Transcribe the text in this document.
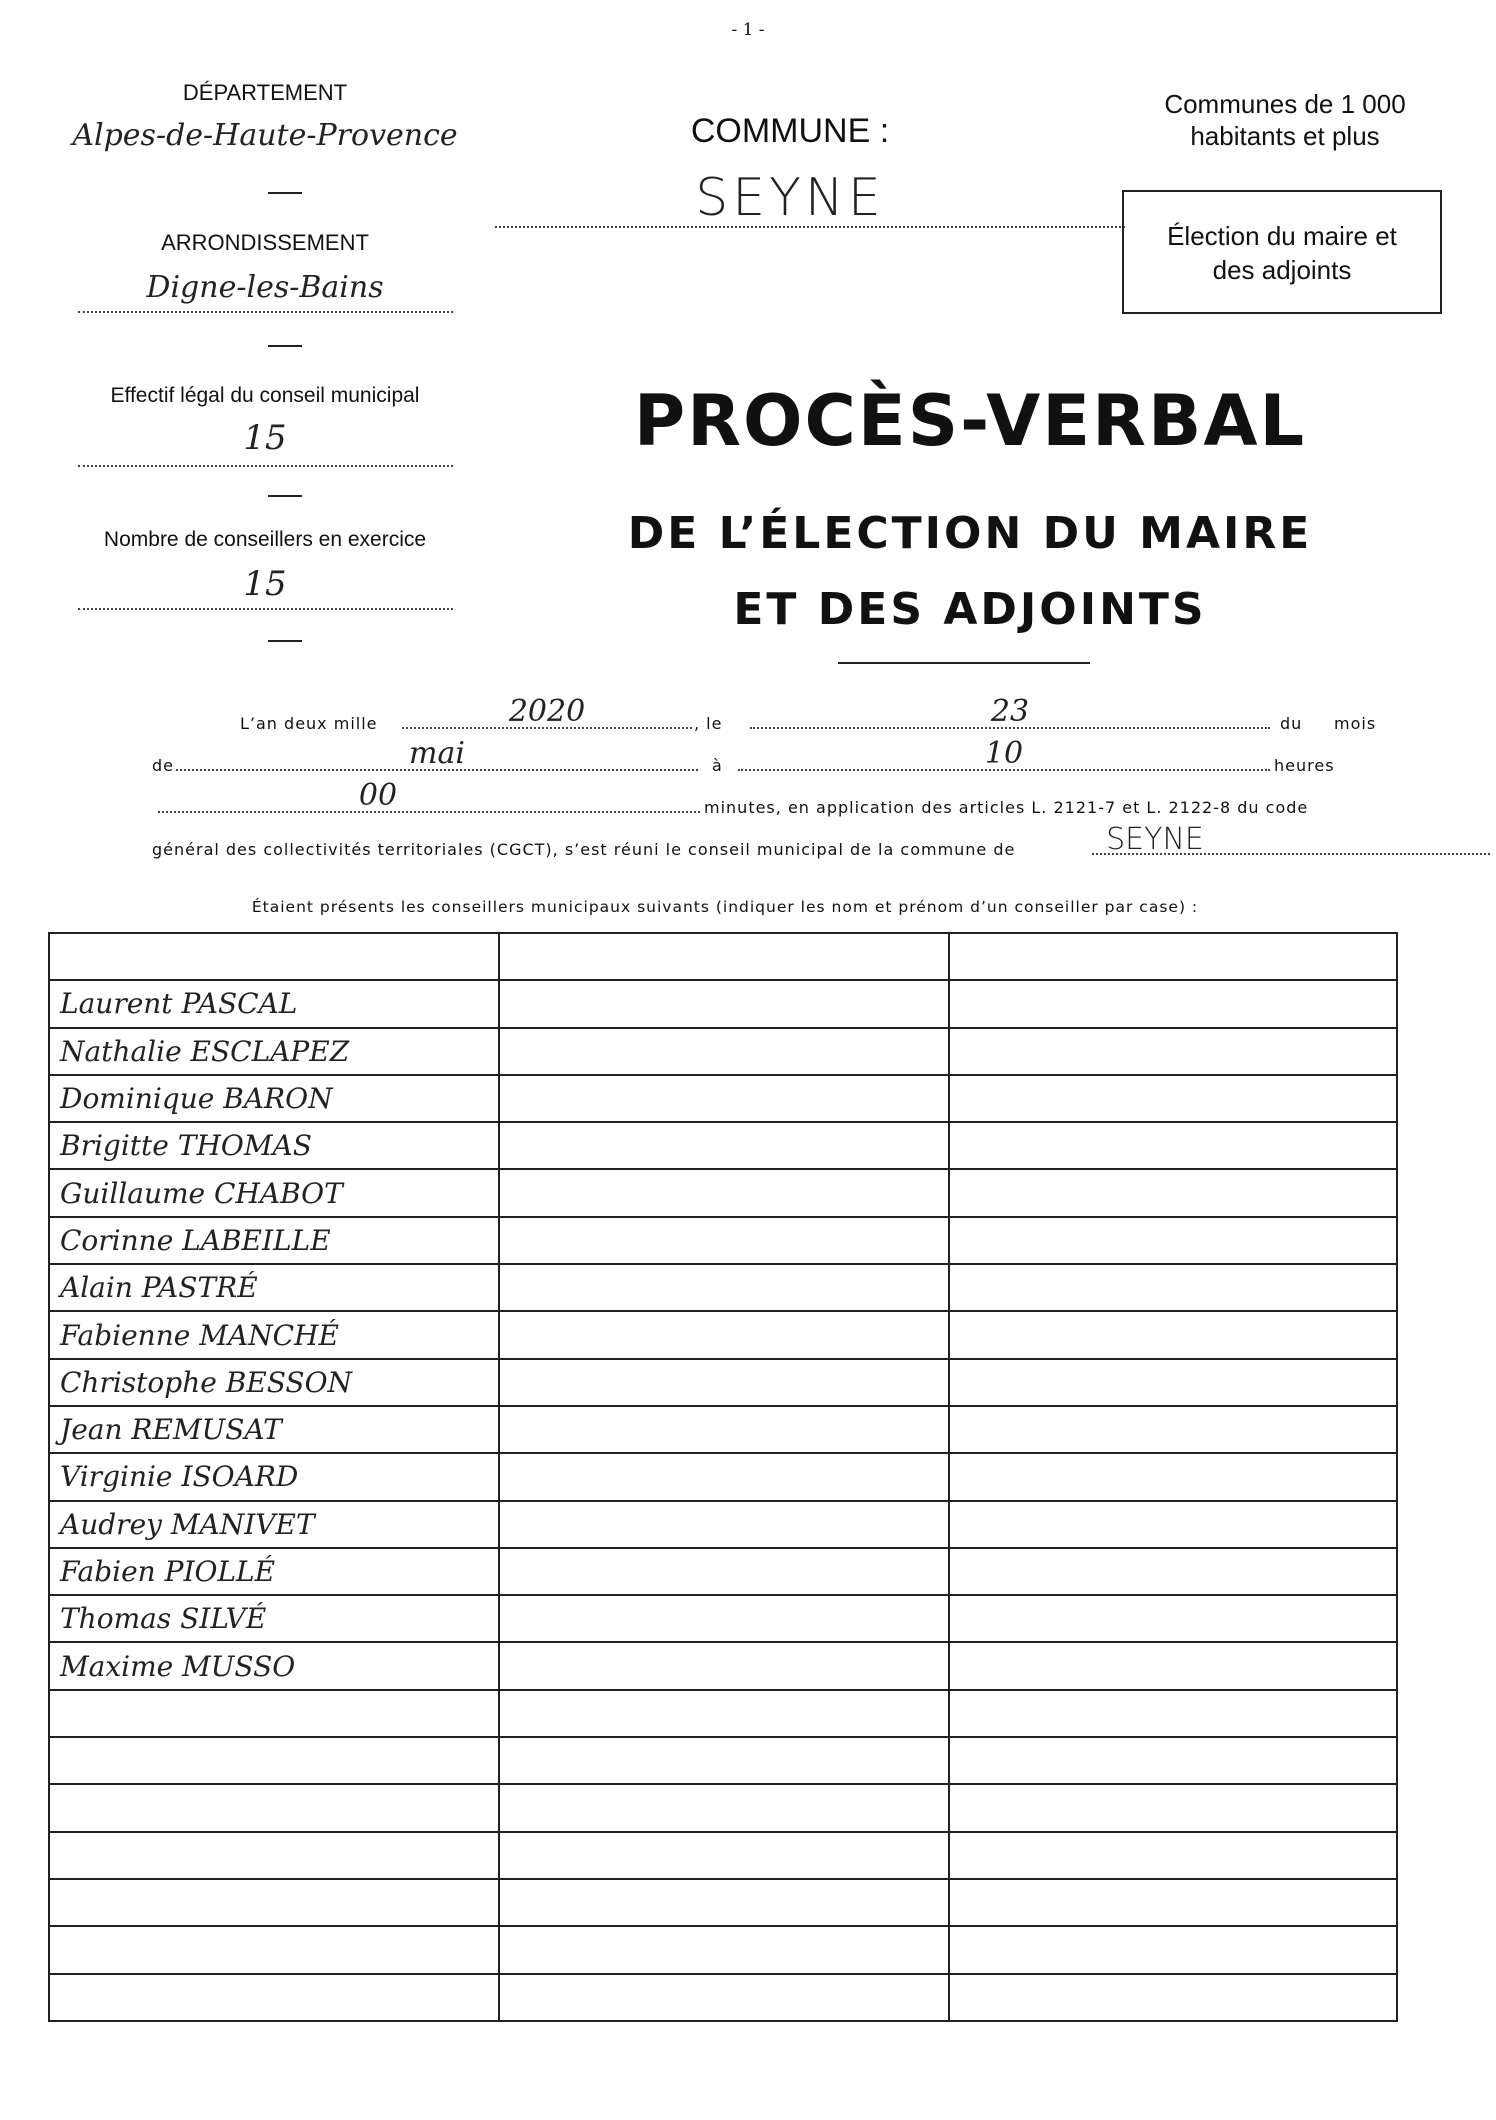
- 1 -
DÉPARTEMENT
Alpes-de-Haute-Provence
ARRONDISSEMENT
Digne-les-Bains
Effectif légal du conseil municipal
15
Nombre de conseillers en exercice
15
COMMUNE :
SEYNE
Communes de 1 000
habitants et plus
Élection du maire et
des adjoints
PROCÈS-VERBAL
DE L’ÉLECTION DU MAIRE
ET DES ADJOINTS
L’an deux mille	2020	, le	23	du mois
de	mai	à	10	heures
00	minutes, en application des articles L. 2121-7 et L. 2122-8 du code
général des collectivités territoriales (CGCT), s’est réuni le conseil municipal de la commune de	SEYNE
Étaient présents les conseillers municipaux suivants (indiquer les nom et prénom d’un conseiller par case) :

Laurent PASCAL		
Nathalie ESCLAPEZ		
Dominique BARON		
Brigitte THOMAS		
Guillaume CHABOT		
Corinne LABEILLE		
Alain PASTRÉ		
Fabienne MANCHÉ		
Christophe BESSON		
Jean REMUSAT		
Virginie ISOARD		
Audrey MANIVET		
Fabien PIOLLÉ		
Thomas SILVÉ		
Maxime MUSSO		
